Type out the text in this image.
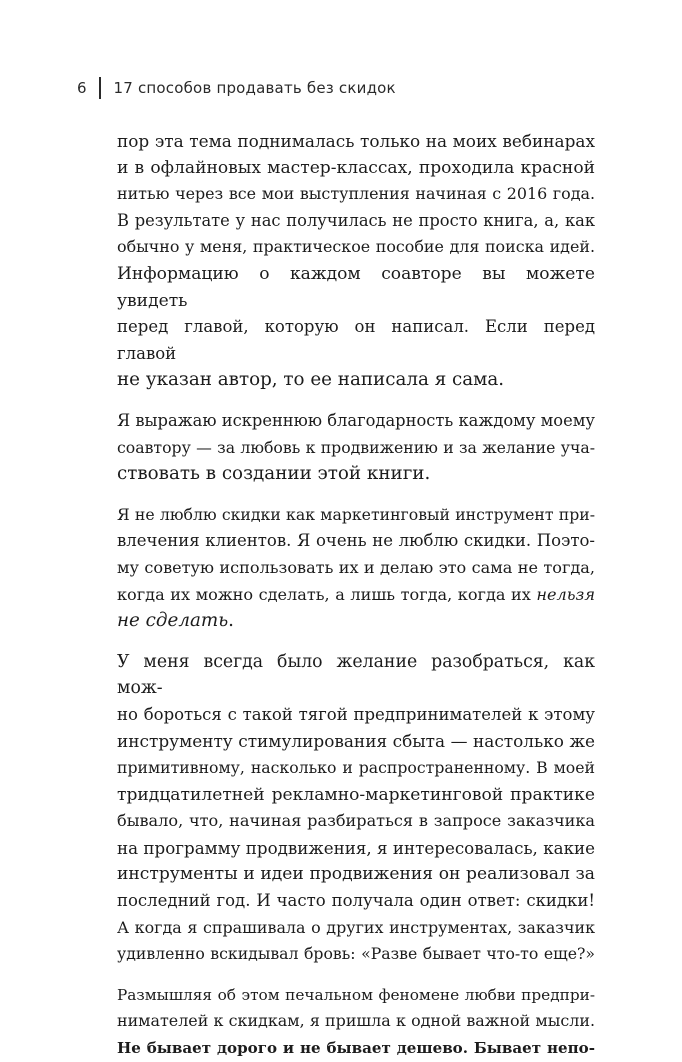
6	17 способов продавать без скидок

пор эта тема поднималась только на моих вебинарах
и в офлайновых мастер-классах, проходила красной
нитью через все мои выступления начиная с 2016 года.
В результате у нас получилась не просто книга, а, как
обычно у меня, практическое пособие для поиска идей.
Информацию о каждом соавторе вы можете увидеть
перед главой, которую он написал. Если перед главой
не указан автор, то ее написала я сама.

Я выражаю искреннюю благодарность каждому моему
соавтору — за любовь к продвижению и за желание уча-
ствовать в создании этой книги.

Я не люблю скидки как маркетинговый инструмент при-
влечения клиентов. Я очень не люблю скидки. Поэто-
му советую использовать их и делаю это сама не тогда,
когда их можно сделать, а лишь тогда, когда их нельзя
не сделать.

У меня всегда было желание разобраться, как мож-
но бороться с такой тягой предпринимателей к этому
инструменту стимулирования сбыта — настолько же
примитивному, насколько и распространенному. В моей
тридцатилетней рекламно-маркетинговой практике
бывало, что, начиная разбираться в запросе заказчика
на программу продвижения, я интересовалась, какие
инструменты и идеи продвижения он реализовал за
последний год. И часто получала один ответ: скидки!
А когда я спрашивала о других инструментах, заказчик
удивленно вскидывал бровь: «Разве бывает что-то еще?»

Размышляя об этом печальном феномене любви предпри-
нимателей к скидкам, я пришла к одной важной мысли.
Не бывает дорого и не бывает дешево. Бывает непо-
